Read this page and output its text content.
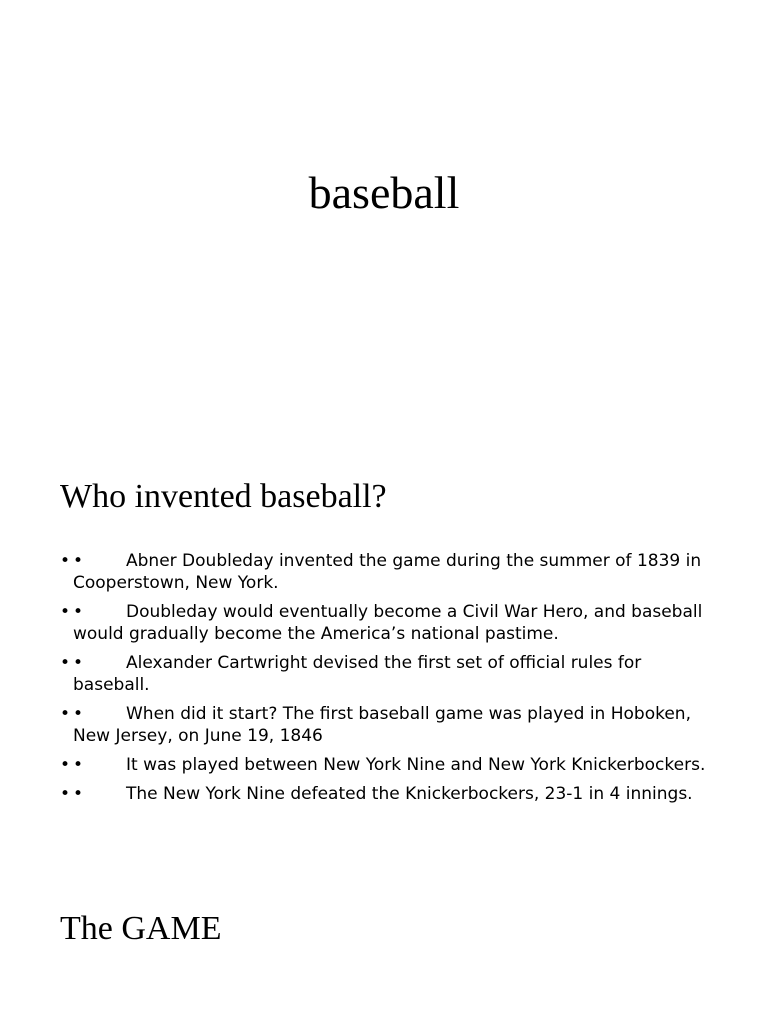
baseball
Who invented baseball?
• •	Abner Doubleday invented the game during the summer of 1839 in Cooperstown, New York.
• •	Doubleday would eventually become a Civil War Hero, and baseball would gradually become the America’s national pastime.
• •	Alexander Cartwright devised the first set of official rules for baseball.
• •	When did it start? The first baseball game was played in Hoboken, New Jersey, on June 19, 1846
• •	It was played between New York Nine and New York Knickerbockers.
• •	The New York Nine defeated the Knickerbockers, 23-1 in 4 innings.
The GAME
